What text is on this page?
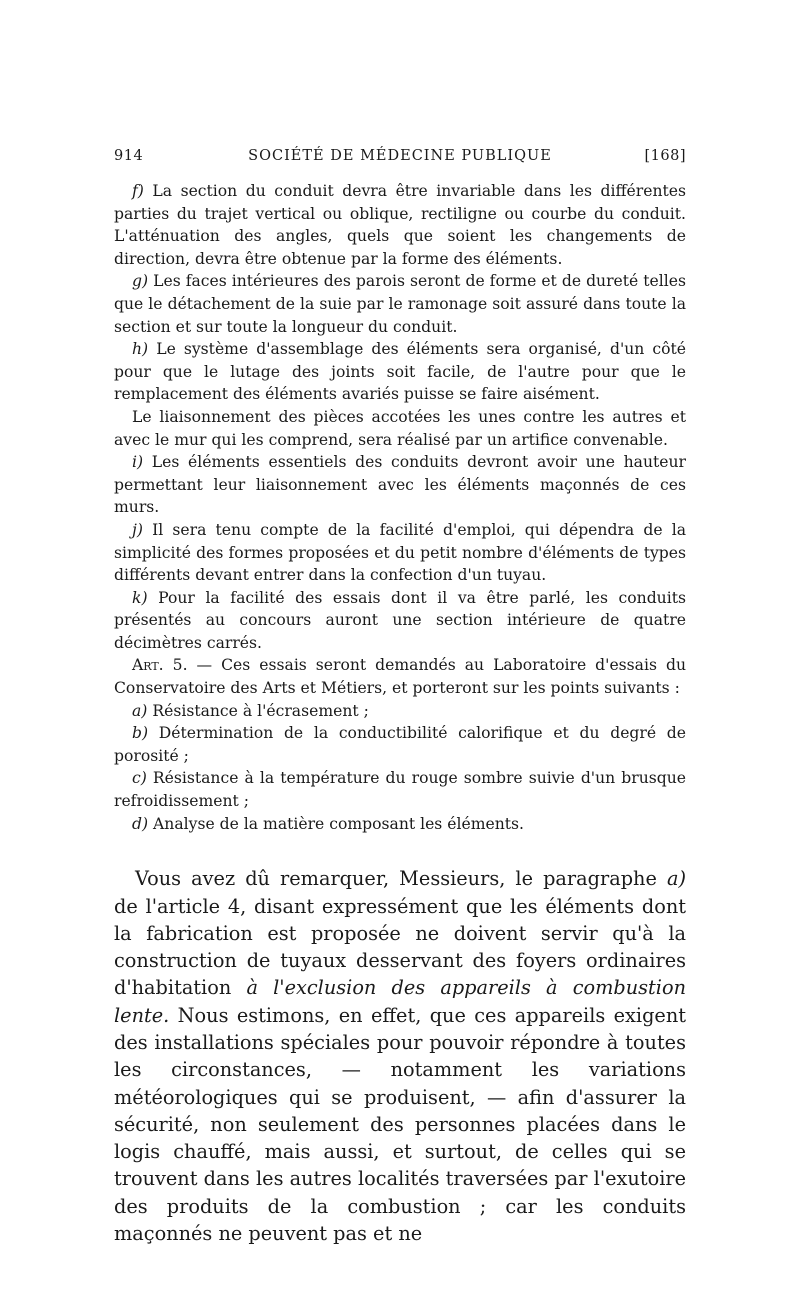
914	SOCIÉTÉ DE MÉDECINE PUBLIQUE	[168]

f) La section du conduit devra être invariable dans les différentes parties du trajet vertical ou oblique, rectiligne ou courbe du conduit. L'atténuation des angles, quels que soient les changements de direction, devra être obtenue par la forme des éléments.

g) Les faces intérieures des parois seront de forme et de dureté telles que le détachement de la suie par le ramonage soit assuré dans toute la section et sur toute la longueur du conduit.

h) Le système d'assemblage des éléments sera organisé, d'un côté pour que le lutage des joints soit facile, de l'autre pour que le remplacement des éléments avariés puisse se faire aisément.

Le liaisonnement des pièces accotées les unes contre les autres et avec le mur qui les comprend, sera réalisé par un artifice convenable.

i) Les éléments essentiels des conduits devront avoir une hauteur permettant leur liaisonnement avec les éléments maçonnés de ces murs.

j) Il sera tenu compte de la facilité d'emploi, qui dépendra de la simplicité des formes proposées et du petit nombre d'éléments de types différents devant entrer dans la confection d'un tuyau.

k) Pour la facilité des essais dont il va être parlé, les conduits présentés au concours auront une section intérieure de quatre décimètres carrés.

Art. 5. — Ces essais seront demandés au Laboratoire d'essais du Conservatoire des Arts et Métiers, et porteront sur les points suivants :

a) Résistance à l'écrasement ;

b) Détermination de la conductibilité calorifique et du degré de porosité ;

c) Résistance à la température du rouge sombre suivie d'un brusque refroidissement ;

d) Analyse de la matière composant les éléments.

Vous avez dû remarquer, Messieurs, le paragraphe a) de l'article 4, disant expressément que les éléments dont la fabrication est proposée ne doivent servir qu'à la construction de tuyaux desservant des foyers ordinaires d'habitation à l'exclusion des appareils à combustion lente. Nous estimons, en effet, que ces appareils exigent des installations spéciales pour pouvoir répondre à toutes les circonstances, — notamment les variations météorologiques qui se produisent, — afin d'assurer la sécurité, non seulement des personnes placées dans le logis chauffé, mais aussi, et surtout, de celles qui se trouvent dans les autres localités traversées par l'exutoire des produits de la combustion ; car les conduits maçonnés ne peuvent pas et ne
